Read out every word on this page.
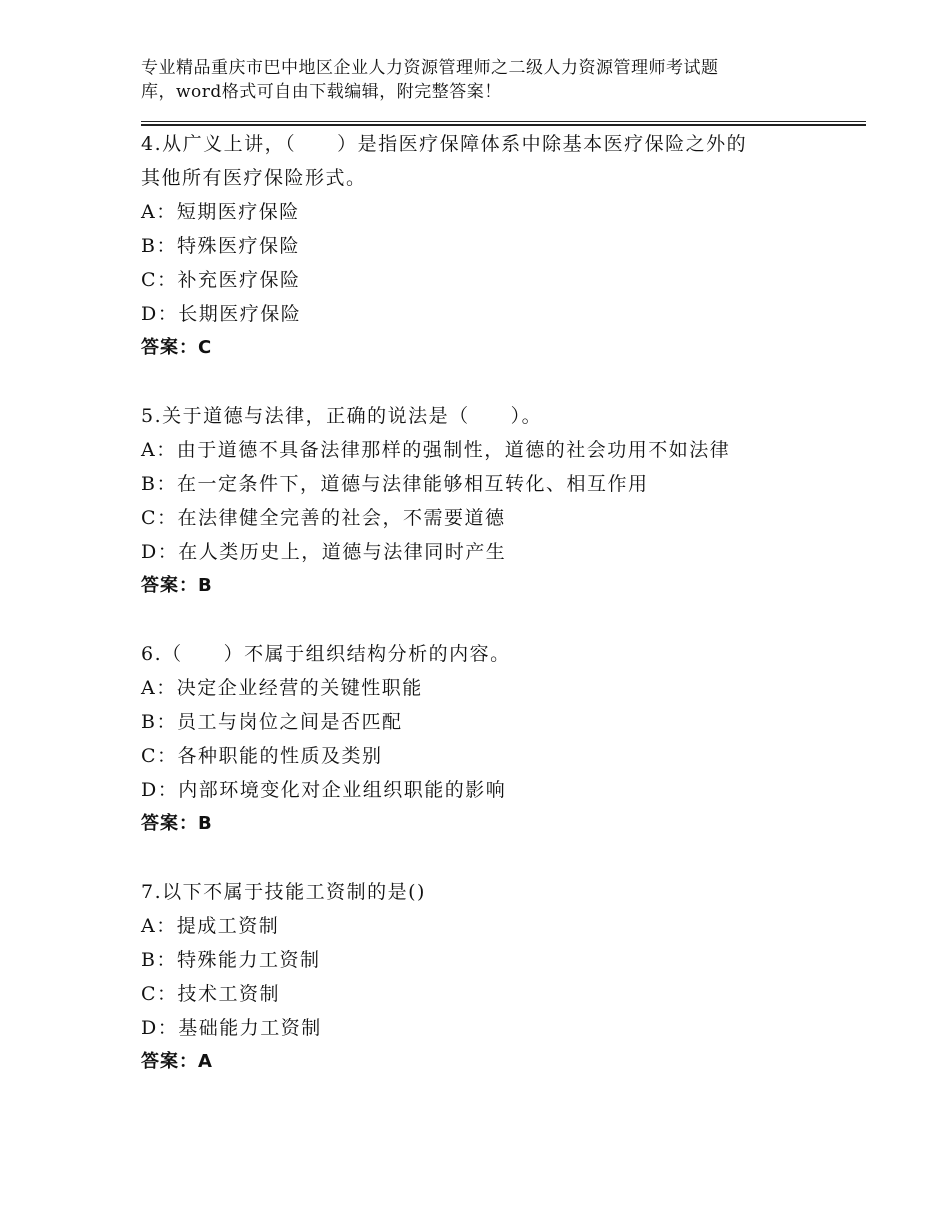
专业精品重庆市巴中地区企业人力资源管理师之二级人力资源管理师考试题
库，word格式可自由下载编辑，附完整答案！
4.从广义上讲，（　　）是指医疗保障体系中除基本医疗保险之外的
其他所有医疗保险形式。
A：短期医疗保险
B：特殊医疗保险
C：补充医疗保险
D：长期医疗保险
答案：C
5.关于道德与法律，正确的说法是（　　）。
A：由于道德不具备法律那样的强制性，道德的社会功用不如法律
B：在一定条件下，道德与法律能够相互转化、相互作用
C：在法律健全完善的社会，不需要道德
D：在人类历史上，道德与法律同时产生
答案：B
6.（　　）不属于组织结构分析的内容。
A：决定企业经营的关键性职能
B：员工与岗位之间是否匹配
C：各种职能的性质及类别
D：内部环境变化对企业组织职能的影响
答案：B
7.以下不属于技能工资制的是()
A：提成工资制
B：特殊能力工资制
C：技术工资制
D：基础能力工资制
答案：A
